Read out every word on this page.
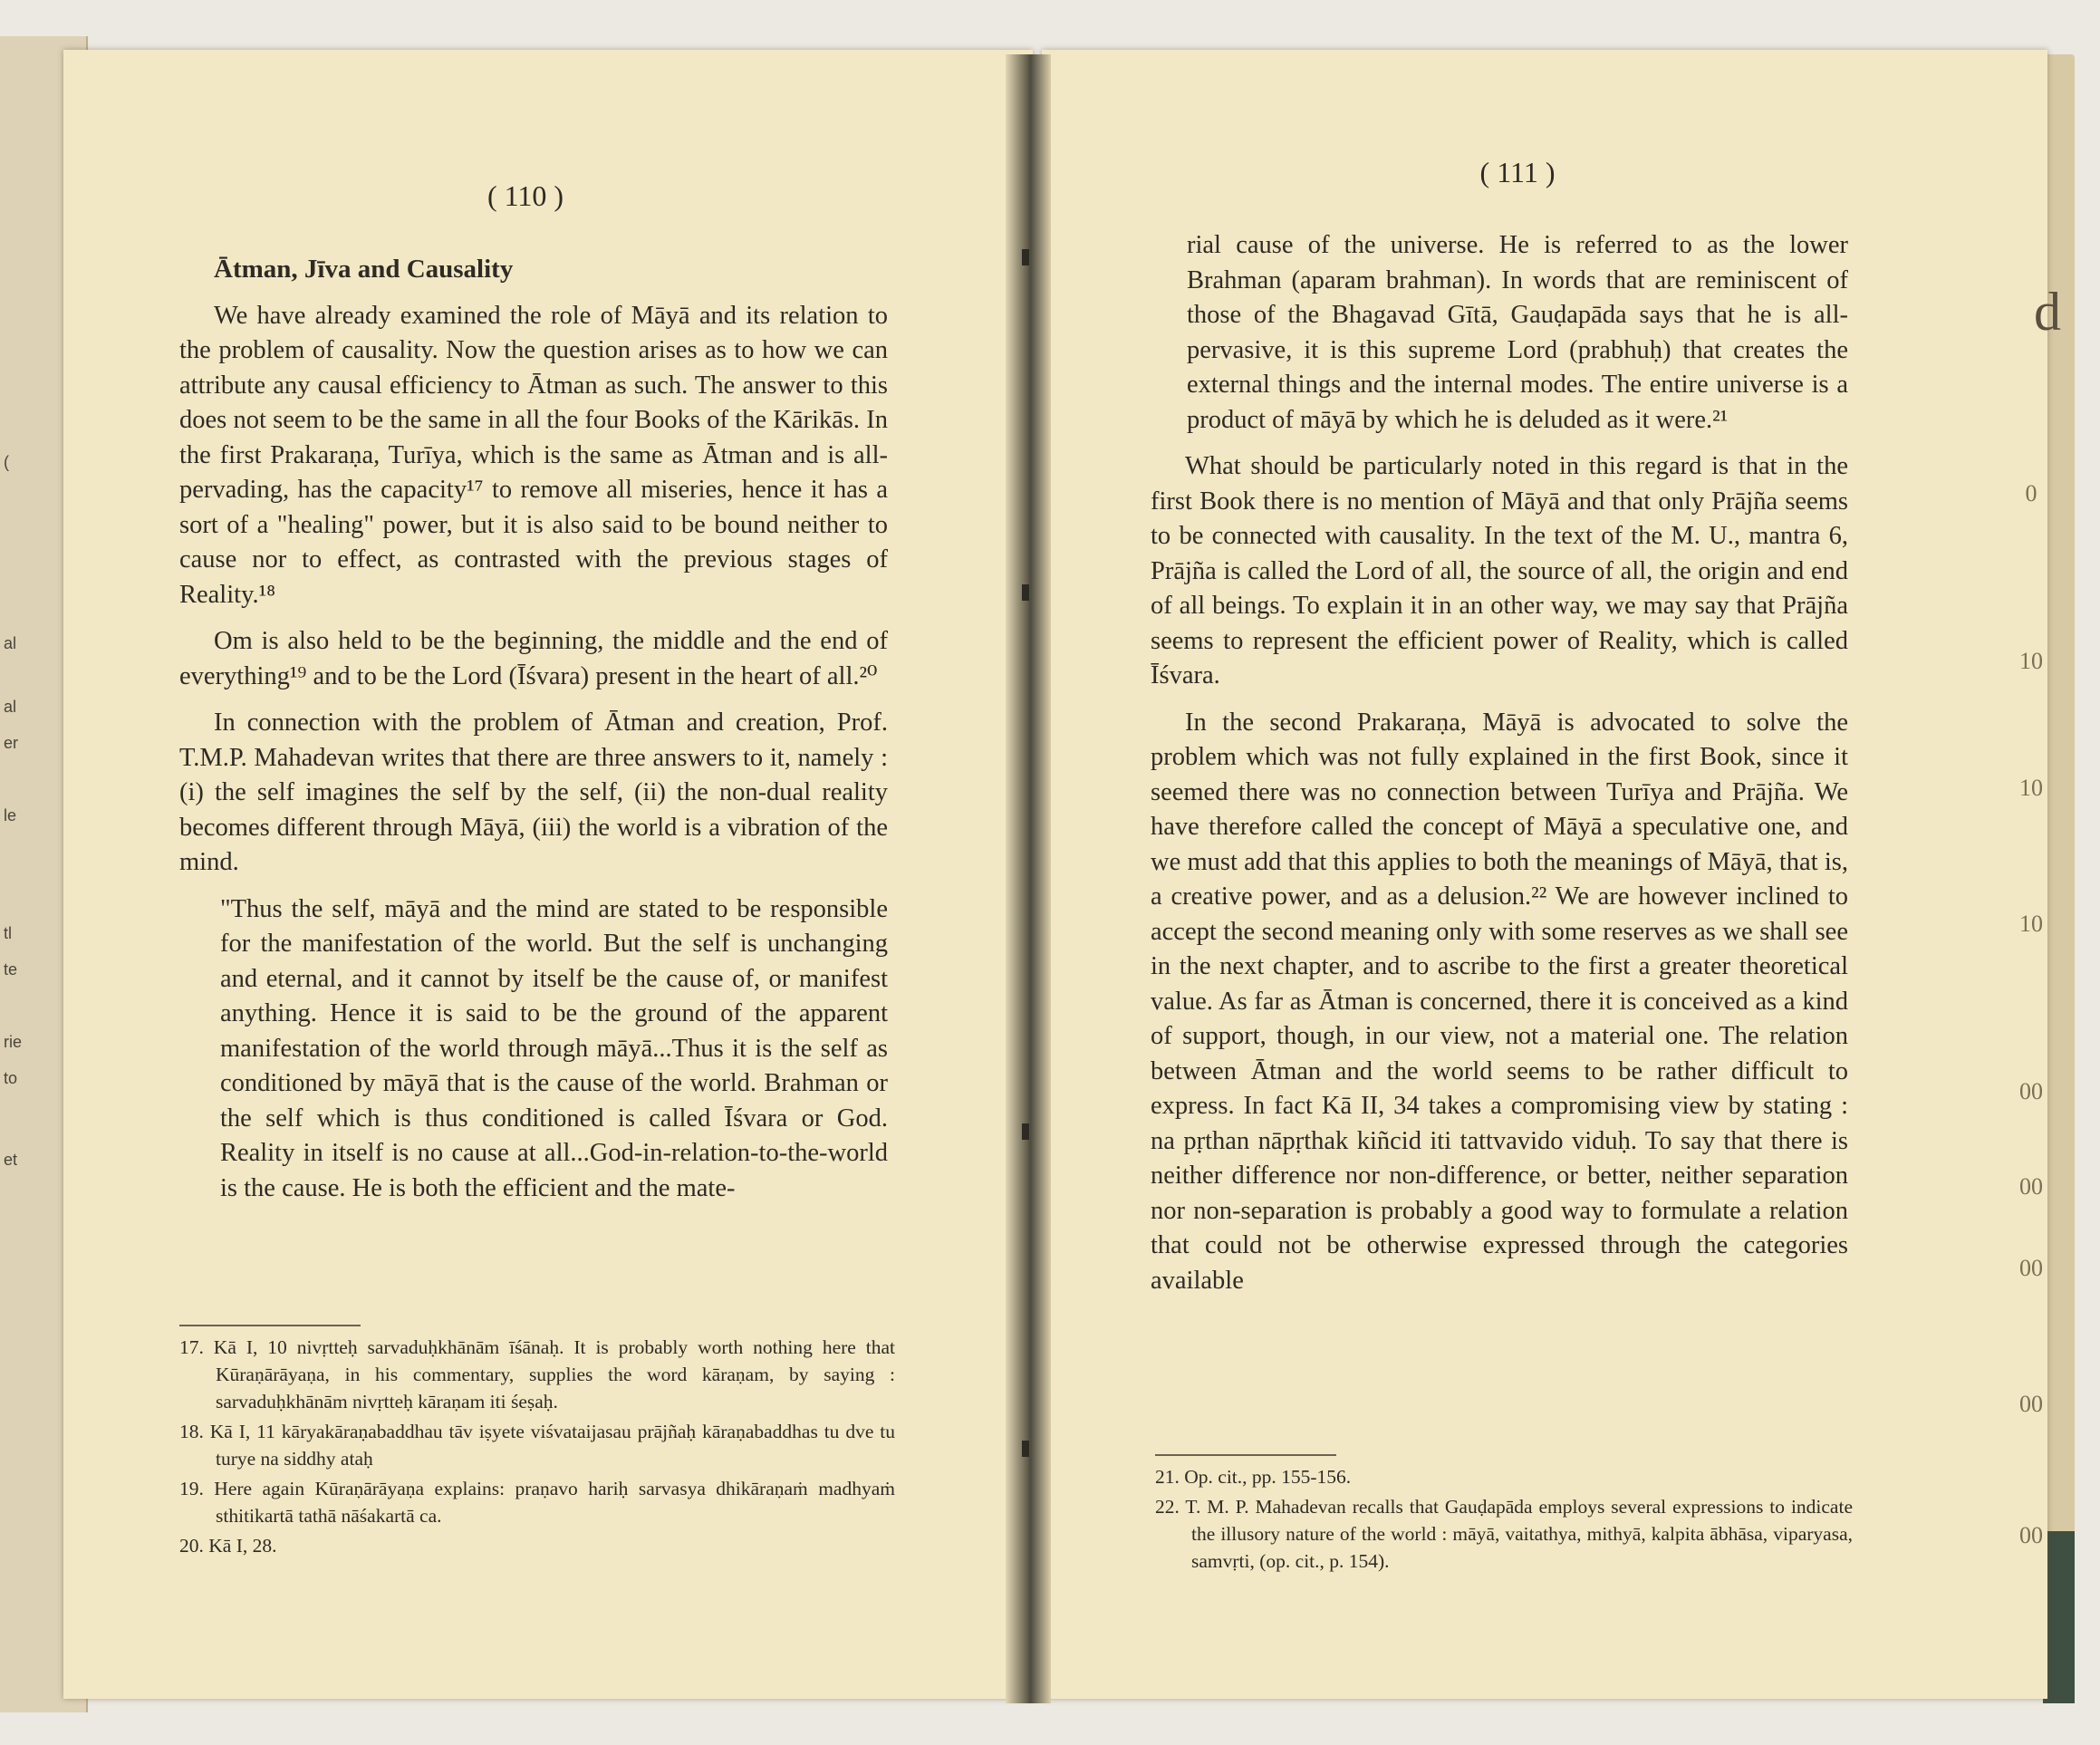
(
al
al
er
le
tl
te
rie
to
et
d
0
10
10
10
00
00
00
00
00
( 110 )

Ātman, Jīva and Causality

We have already examined the role of Māyā and its relation to the problem of causality. Now the question arises as to how we can attribute any causal efficiency to Ātman as such. The answer to this does not seem to be the same in all the four Books of the Kārikās. In the first Prakaraṇa, Turīya, which is the same as Ātman and is all-pervading, has the capacity¹⁷ to remove all miseries, hence it has a sort of a "healing" power, but it is also said to be bound neither to cause nor to effect, as contrasted with the previous stages of Reality.¹⁸

Om is also held to be the beginning, the middle and the end of everything¹⁹ and to be the Lord (Īśvara) present in the heart of all.²⁰

In connection with the problem of Ātman and creation, Prof. T.M.P. Mahadevan writes that there are three answers to it, namely : (i) the self imagines the self by the self, (ii) the non-dual reality becomes different through Māyā, (iii) the world is a vibration of the mind.

"Thus the self, māyā and the mind are stated to be responsible for the manifestation of the world. But the self is unchanging and eternal, and it cannot by itself be the cause of, or manifest anything. Hence it is said to be the ground of the apparent manifestation of the world through māyā...Thus it is the self as conditioned by māyā that is the cause of the world. Brahman or the self which is thus conditioned is called Īśvara or God. Reality in itself is no cause at all...God-in-relation-to-the-world is the cause. He is both the efficient and the mate-

17. Kā I, 10 nivṛtteḥ sarvaduḥkhānām īśānaḥ. It is probably worth nothing here that Kūraṇārāyaṇa, in his commentary, supplies the word kāraṇam, by saying : sarvaduḥkhānām nivṛtteḥ kāraṇam iti śeṣaḥ.

18. Kā I, 11 kāryakāraṇabaddhau tāv iṣyete viśvataijasau prājñaḥ kāraṇabaddhas tu dve tu turye na siddhy ataḥ

19. Here again Kūraṇārāyaṇa explains: praṇavo hariḥ sarvasya dhikāraṇaṁ madhyaṁ sthitikartā tathā nāśakartā ca.

20. Kā I, 28.

( 111 )

rial cause of the universe. He is referred to as the lower Brahman (aparam brahman). In words that are reminiscent of those of the Bhagavad Gītā, Gauḍapāda says that he is all-pervasive, it is this supreme Lord (prabhuḥ) that creates the external things and the internal modes. The entire universe is a product of māyā by which he is deluded as it were.²¹

What should be particularly noted in this regard is that in the first Book there is no mention of Māyā and that only Prājña seems to be connected with causality. In the text of the M. U., mantra 6, Prājña is called the Lord of all, the source of all, the origin and end of all beings. To explain it in an other way, we may say that Prājña seems to represent the efficient power of Reality, which is called Īśvara.

In the second Prakaraṇa, Māyā is advocated to solve the problem which was not fully explained in the first Book, since it seemed there was no connection between Turīya and Prājña. We have therefore called the concept of Māyā a speculative one, and we must add that this applies to both the meanings of Māyā, that is, a creative power, and as a delusion.²² We are however inclined to accept the second meaning only with some reserves as we shall see in the next chapter, and to ascribe to the first a greater theoretical value. As far as Ātman is concerned, there it is conceived as a kind of support, though, in our view, not a material one. The relation between Ātman and the world seems to be rather difficult to express. In fact Kā II, 34 takes a compromising view by stating : na pṛthan nāpṛthak kiñcid iti tattvavido viduḥ. To say that there is neither difference nor non-difference, or better, neither separation nor non-separation is probably a good way to formulate a relation that could not be otherwise expressed through the categories available

21. Op. cit., pp. 155-156.

22. T. M. P. Mahadevan recalls that Gauḍapāda employs several expressions to indicate the illusory nature of the world : māyā, vaitathya, mithyā, kalpita ābhāsa, viparyasa, samvṛti, (op. cit., p. 154).
